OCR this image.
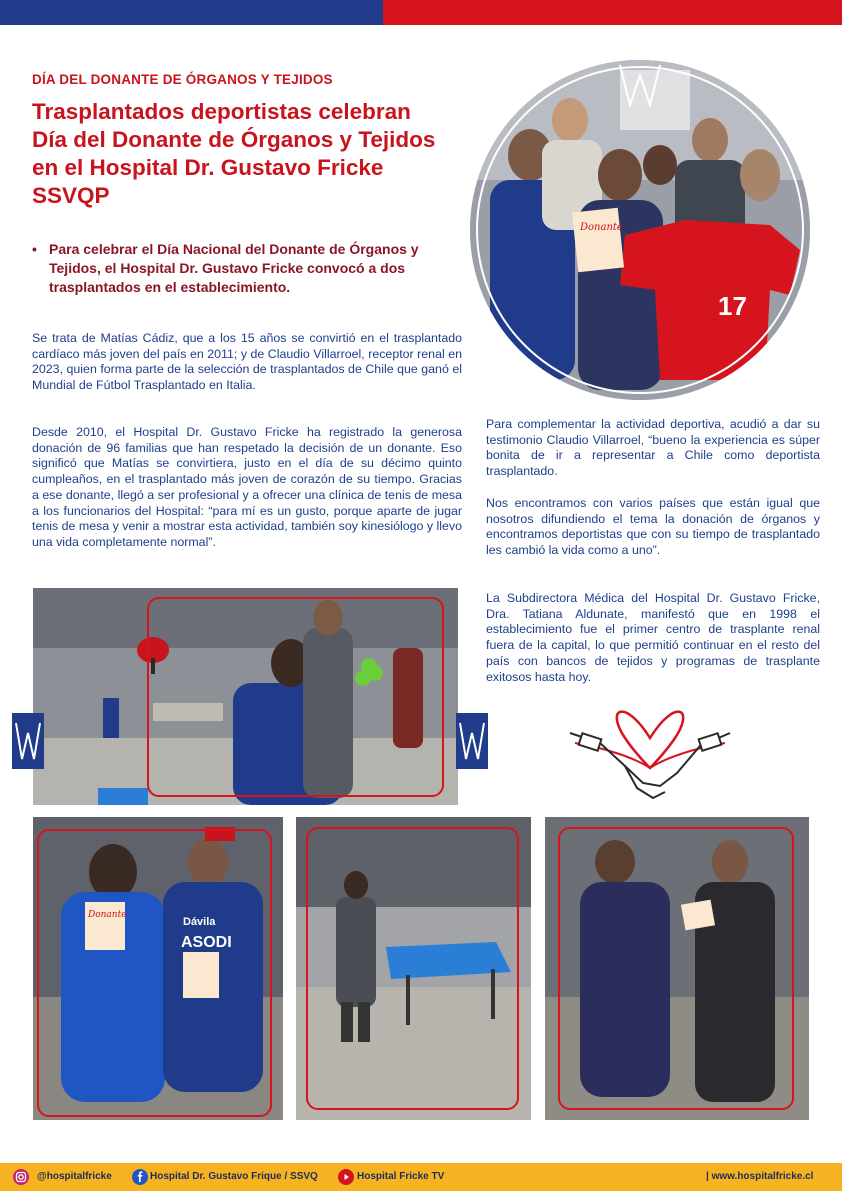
DÍA DEL DONANTE DE ÓRGANOS Y TEJIDOS
Trasplantados deportistas celebran Día del Donante de Órganos y Tejidos en el Hospital Dr. Gustavo Fricke SSVQP
• Para celebrar el Día Nacional del Donante de Órganos y Tejidos, el Hospital Dr. Gustavo Fricke convocó a dos trasplantados en el establecimiento.

Se trata de Matías Cádiz, que a los 15 años se convirtió en el trasplantado cardíaco más joven del país en 2011; y de Claudio Villarroel, receptor renal en 2023, quien forma parte de la selección de trasplantados de Chile que ganó el Mundial de Fútbol Trasplantado en Italia.

Desde 2010, el Hospital Dr. Gustavo Fricke ha registrado la generosa donación de 96 familias que han respetado la decisión de un donante. Eso significó que Matías se convirtiera, justo en el día de su décimo quinto cumpleaños, en el trasplantado más joven de corazón de su tiempo. Gracias a ese donante, llegó a ser profesional y a ofrecer una clínica de tenis de mesa a los funcionarios del Hospital: “para mí es un gusto, porque aparte de jugar tenis de mesa y venir a mostrar esta actividad, también soy kinesiólogo y llevo una vida completamente normal”.

Para complementar la actividad deportiva, acudió a dar su testimonio Claudio Villarroel, “bueno la experiencia es súper bonita de ir a representar a Chile como deportista trasplantado.

Nos encontramos con varios países que están igual que nosotros difundiendo el tema la donación de órganos y encontramos deportistas que con su tiempo de trasplantado les cambió la vida como a uno”.

La Subdirectora Médica del Hospital Dr. Gustavo Fricke, Dra. Tatiana Aldunate, manifestó que en 1998 el establecimiento fue el primer centro de trasplante renal fuera de la capital, lo que permitió continuar en el resto del país con bancos de tejidos y programas de trasplante exitosos hasta hoy.

17
Donante
Donante
Dávila
ASODI
@hospitalfricke	Hospital Dr. Gustavo Frique / SSVQ	Hospital Fricke TV	| www.hospitalfricke.cl
